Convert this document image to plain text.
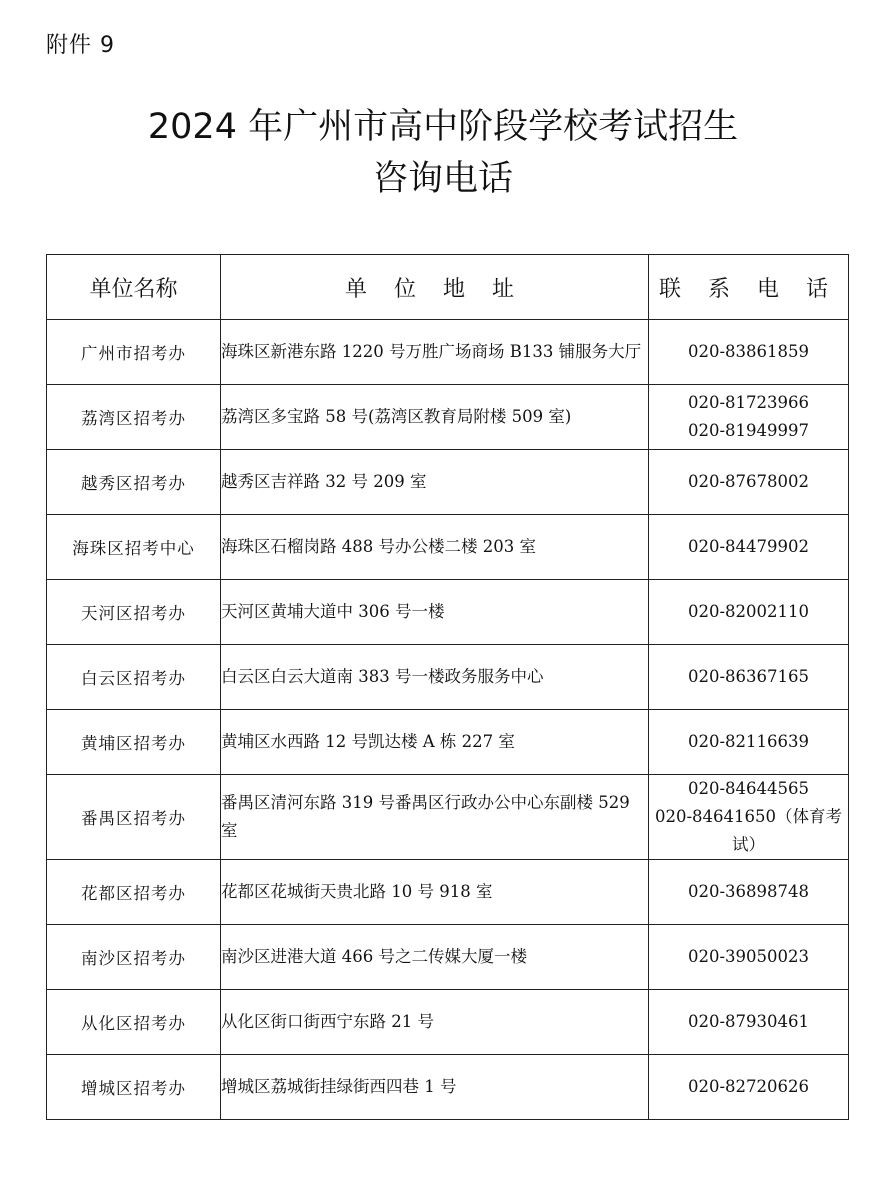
附件 9
2024 年广州市高中阶段学校考试招生
咨询电话
单位名称	单 位 地 址	联 系 电 话
广州市招考办	海珠区新港东路 1220 号万胜广场商场 B133 铺服务大厅	020-83861859

荔湾区招考办	荔湾区多宝路 58 号(荔湾区教育局附楼 509 室)	020-81723966
020-81949997

越秀区招考办	越秀区吉祥路 32 号 209 室	020-87678002

海珠区招考中心	海珠区石榴岗路 488 号办公楼二楼 203 室	020-84479902

天河区招考办	天河区黄埔大道中 306 号一楼	020-82002110

白云区招考办	白云区白云大道南 383 号一楼政务服务中心	020-86367165

黄埔区招考办	黄埔区水西路 12 号凯达楼 A 栋 227 室	020-82116639

番禺区招考办	番禺区清河东路 319 号番禺区行政办公中心东副楼 529 室	020-84644565
020-84641650（体育考试）

花都区招考办	花都区花城街天贵北路 10 号 918 室	020-36898748

南沙区招考办	南沙区进港大道 466 号之二传媒大厦一楼	020-39050023

从化区招考办	从化区街口街西宁东路 21 号	020-87930461

增城区招考办	增城区荔城街挂绿街西四巷 1 号	020-82720626
